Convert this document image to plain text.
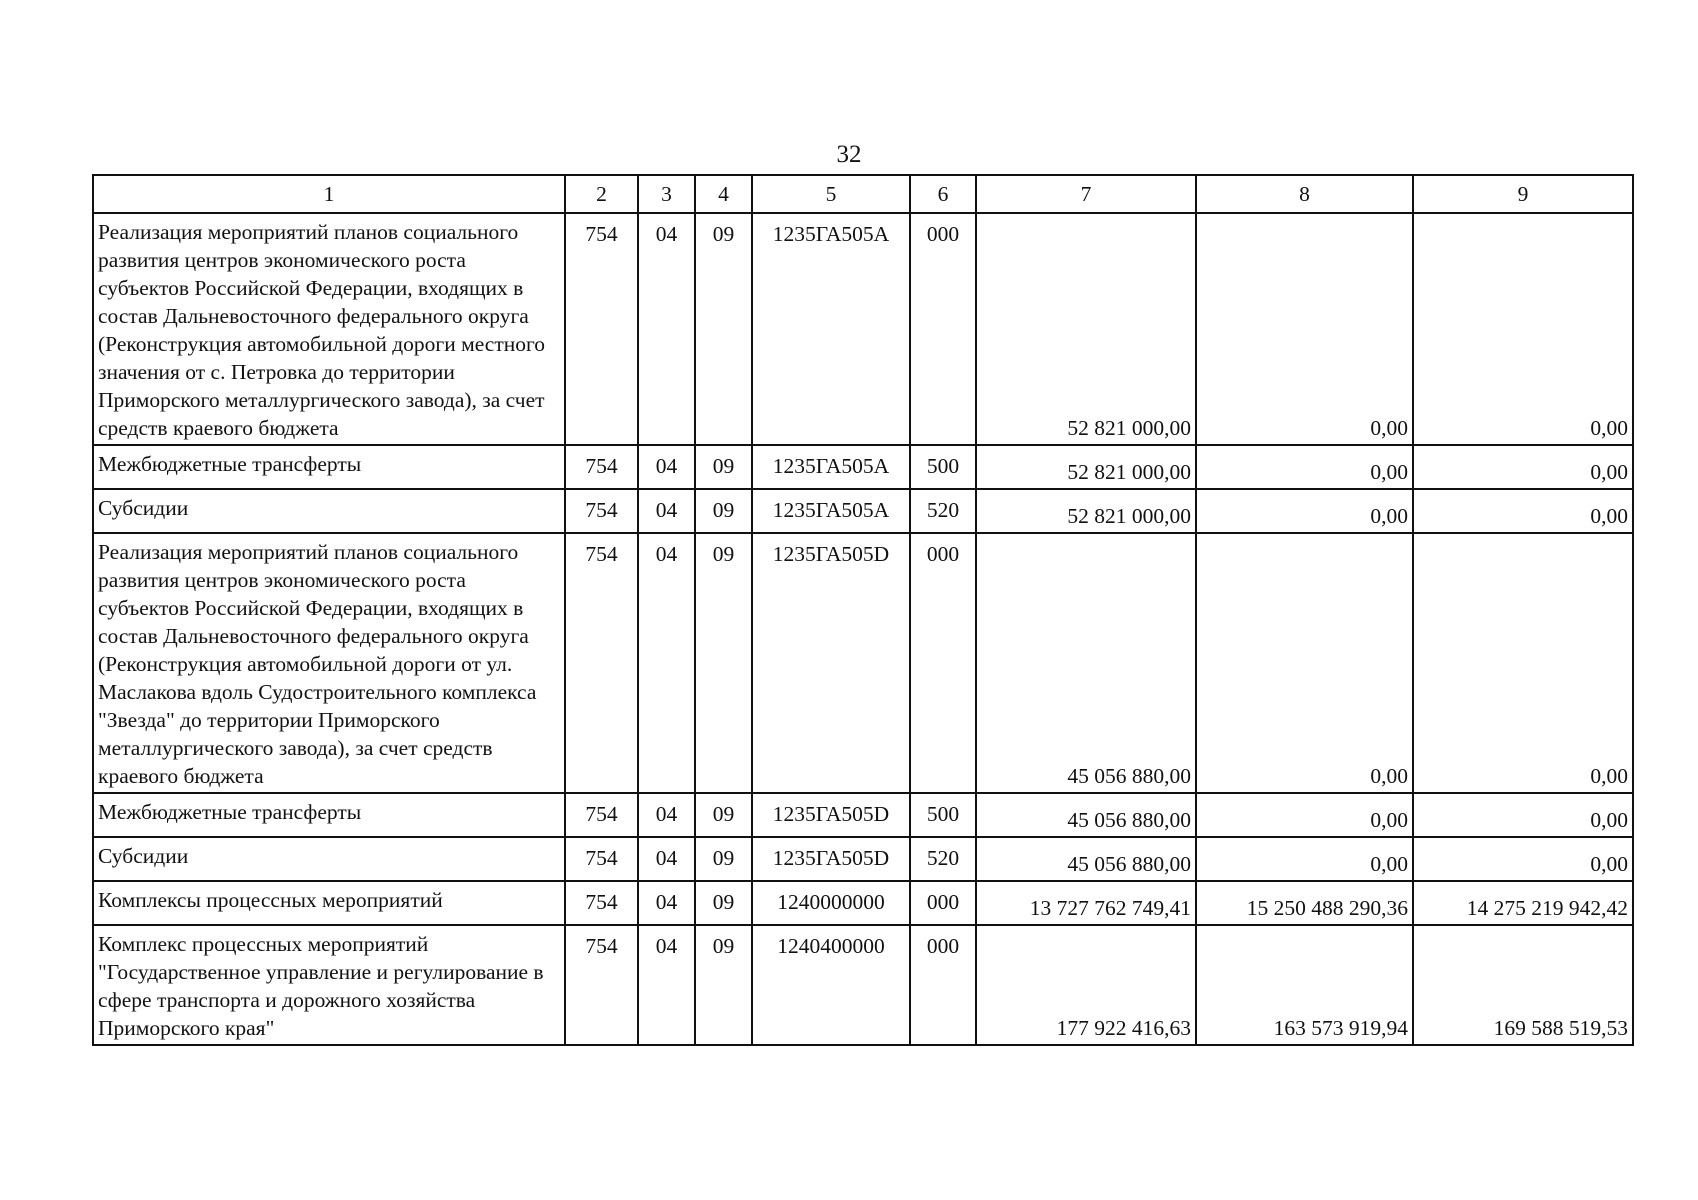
32
1	2	3	4	5	6	7	8	9
Реализация мероприятий планов социального развития центров экономического роста субъектов Российской Федерации, входящих в состав Дальневосточного федерального округа (Реконструкция автомобильной дороги местного значения от с. Петровка до территории Приморского металлургического завода), за счет средств краевого бюджета	754	04	09	1235ГА505А	000	52 821 000,00	0,00	0,00
Межбюджетные трансферты	754	04	09	1235ГА505А	500	52 821 000,00	0,00	0,00
Субсидии	754	04	09	1235ГА505А	520	52 821 000,00	0,00	0,00
Реализация мероприятий планов социального развития центров экономического роста субъектов Российской Федерации, входящих в состав Дальневосточного федерального округа (Реконструкция автомобильной дороги от ул. Маслакова вдоль Судостроительного комплекса "Звезда" до территории Приморского металлургического завода), за счет средств краевого бюджета	754	04	09	1235ГА505D	000	45 056 880,00	0,00	0,00
Межбюджетные трансферты	754	04	09	1235ГА505D	500	45 056 880,00	0,00	0,00
Субсидии	754	04	09	1235ГА505D	520	45 056 880,00	0,00	0,00
Комплексы процессных мероприятий	754	04	09	1240000000	000	13 727 762 749,41	15 250 488 290,36	14 275 219 942,42
Комплекс процессных мероприятий "Государственное управление и регулирование в сфере транспорта и дорожного хозяйства Приморского края"	754	04	09	1240400000	000	177 922 416,63	163 573 919,94	169 588 519,53
